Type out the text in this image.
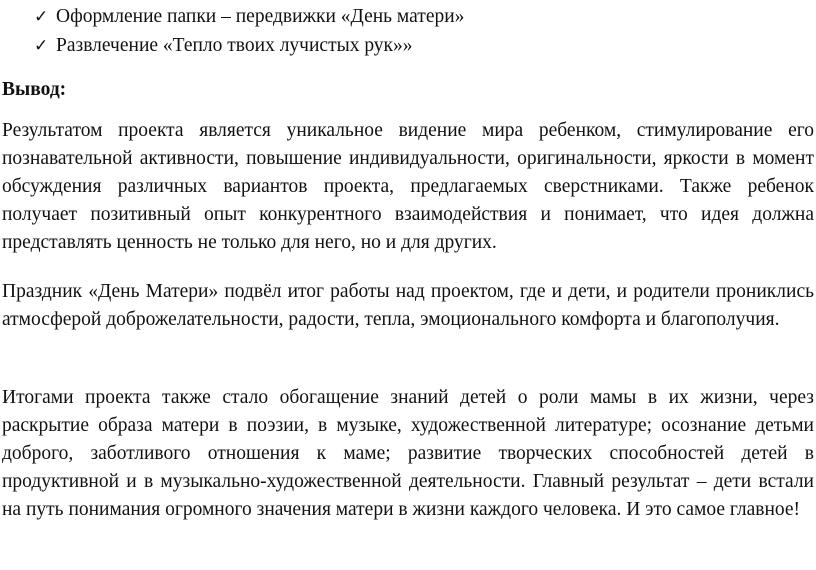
✓ Оформление папки – передвижки «День матери»
✓ Развлечение «Тепло твоих лучистых рук»»
Вывод:

Результатом проекта является уникальное видение мира ребенком, стимулирование его познавательной активности, повышение индивидуальности, оригинальности, яркости в момент обсуждения различных вариантов проекта, предлагаемых сверстниками. Также ребенок получает позитивный опыт конкурентного взаимодействия и понимает, что идея должна представлять ценность не только для него, но и для других.

Праздник «День Матери» подвёл итог работы над проектом, где и дети, и родители прониклись атмосферой доброжелательности, радости, тепла, эмоционального комфорта и благополучия.

Итогами проекта также стало обогащение знаний детей о роли мамы в их жизни, через раскрытие образа матери в поэзии, в музыке, художественной литературе; осознание детьми доброго, заботливого отношения к маме; развитие творческих способностей детей в продуктивной и в музыкально-художественной деятельности. Главный результат – дети встали на путь понимания огромного значения матери в жизни каждого человека. И это самое главное!
